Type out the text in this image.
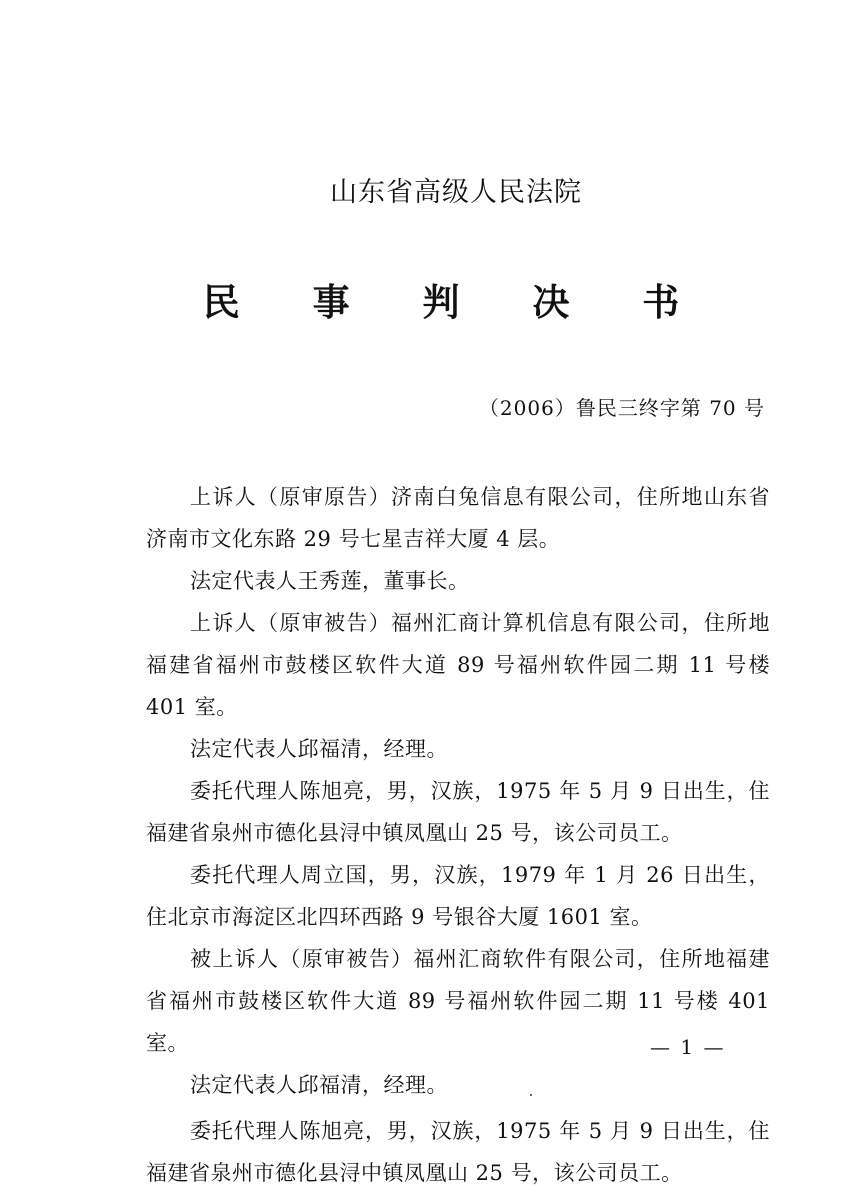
山东省高级人民法院
民 事 判 决 书
（2006）鲁民三终字第 70 号

上诉人（原审原告）济南白兔信息有限公司，住所地山东省济南市文化东路 29 号七星吉祥大厦 4 层。

法定代表人王秀莲，董事长。

上诉人（原审被告）福州汇商计算机信息有限公司，住所地福建省福州市鼓楼区软件大道 89 号福州软件园二期 11 号楼 401 室。

法定代表人邱福清，经理。

委托代理人陈旭亮，男，汉族，1975 年 5 月 9 日出生，住福建省泉州市德化县浔中镇凤凰山 25 号，该公司员工。

委托代理人周立国，男，汉族，1979 年 1 月 26 日出生，住北京市海淀区北四环西路 9 号银谷大厦 1601 室。

被上诉人（原审被告）福州汇商软件有限公司，住所地福建省福州市鼓楼区软件大道 89 号福州软件园二期 11 号楼 401 室。

法定代表人邱福清，经理。

委托代理人陈旭亮，男，汉族，1975 年 5 月 9 日出生，住福建省泉州市德化县浔中镇凤凰山 25 号，该公司员工。

— 1 —
